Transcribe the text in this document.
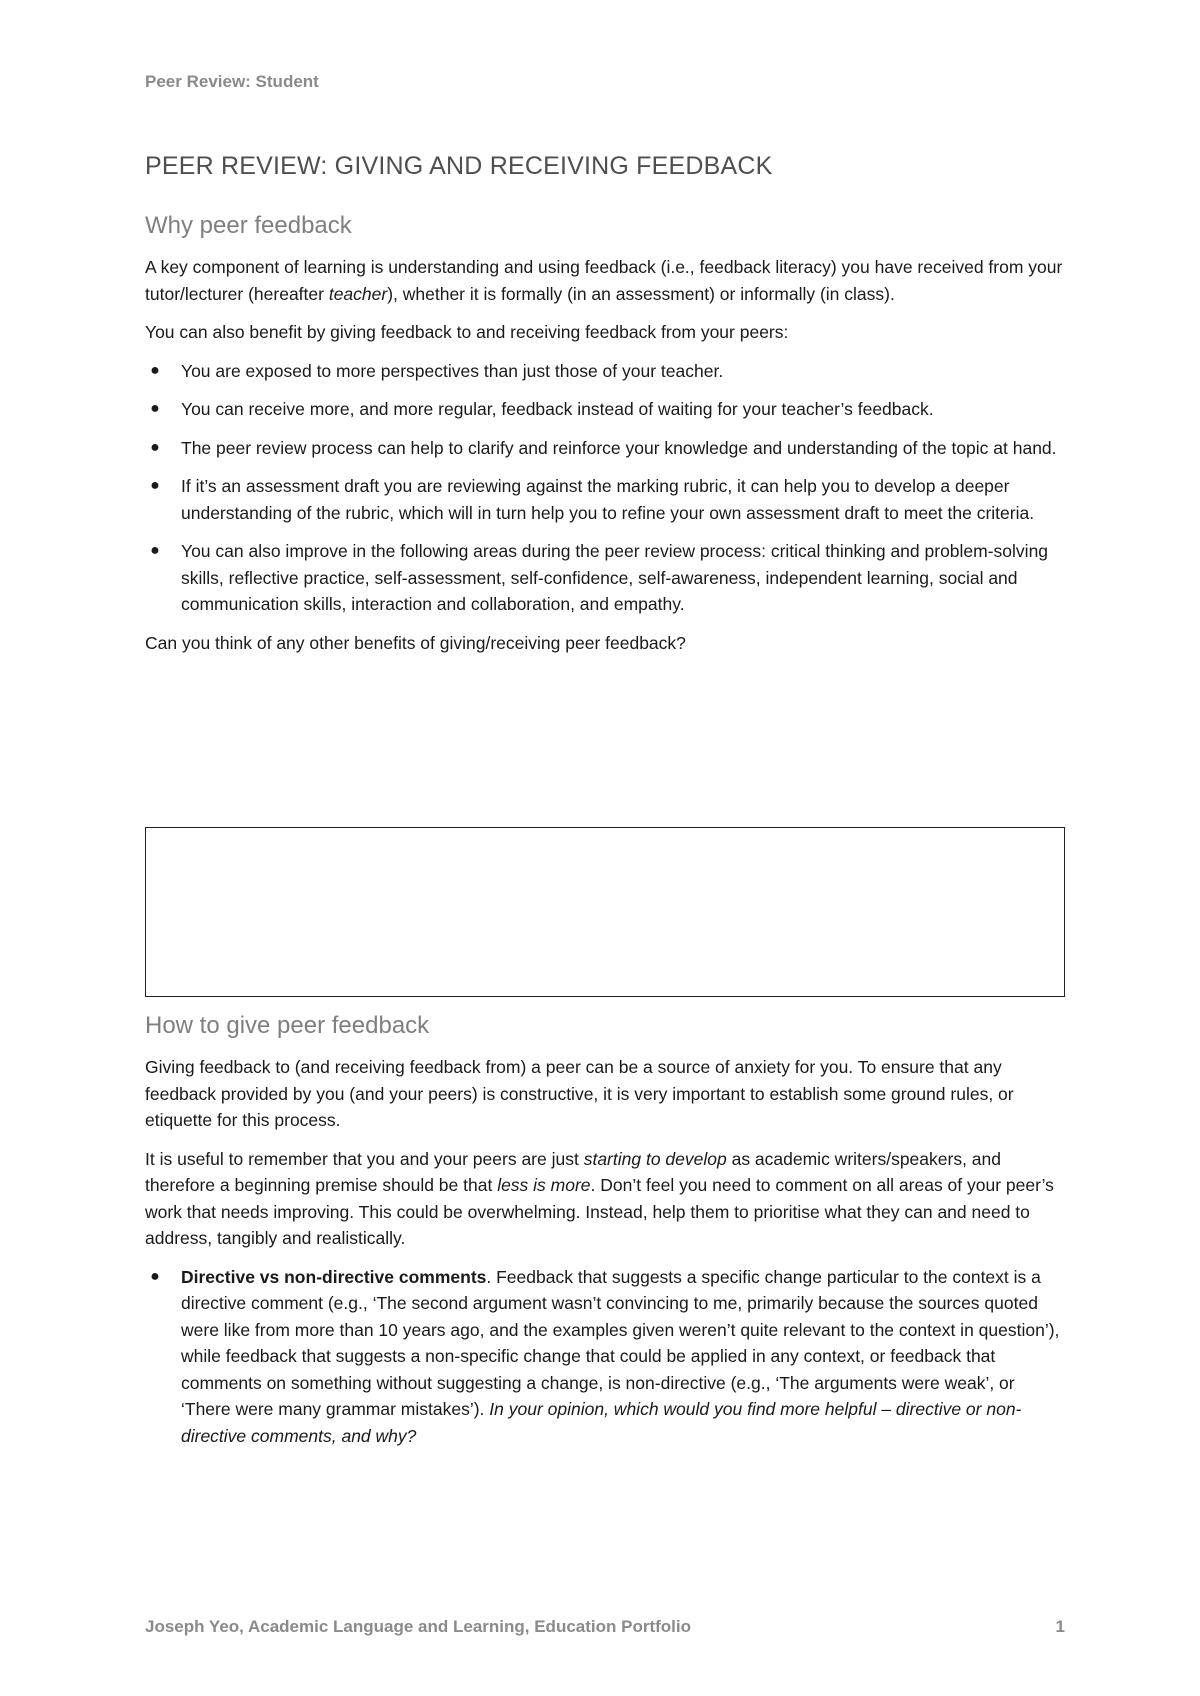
Peer Review: Student
PEER REVIEW: GIVING AND RECEIVING FEEDBACK
Why peer feedback

A key component of learning is understanding and using feedback (i.e., feedback literacy) you have received from your tutor/lecturer (hereafter teacher), whether it is formally (in an assessment) or informally (in class).

You can also benefit by giving feedback to and receiving feedback from your peers:

● You are exposed to more perspectives than just those of your teacher.
● You can receive more, and more regular, feedback instead of waiting for your teacher’s feedback.
● The peer review process can help to clarify and reinforce your knowledge and understanding of the topic at hand.
● If it’s an assessment draft you are reviewing against the marking rubric, it can help you to develop a deeper understanding of the rubric, which will in turn help you to refine your own assessment draft to meet the criteria.
● You can also improve in the following areas during the peer review process: critical thinking and problem-solving skills, reflective practice, self-assessment, self-confidence, self-awareness, independent learning, social and communication skills, interaction and collaboration, and empathy.

Can you think of any other benefits of giving/receiving peer feedback?

How to give peer feedback

Giving feedback to (and receiving feedback from) a peer can be a source of anxiety for you. To ensure that any feedback provided by you (and your peers) is constructive, it is very important to establish some ground rules, or etiquette for this process.

It is useful to remember that you and your peers are just starting to develop as academic writers/speakers, and therefore a beginning premise should be that less is more. Don’t feel you need to comment on all areas of your peer’s work that needs improving. This could be overwhelming. Instead, help them to prioritise what they can and need to address, tangibly and realistically.

● Directive vs non-directive comments. Feedback that suggests a specific change particular to the context is a directive comment (e.g., ‘The second argument wasn’t convincing to me, primarily because the sources quoted were like from more than 10 years ago, and the examples given weren’t quite relevant to the context in question’), while feedback that suggests a non-specific change that could be applied in any context, or feedback that comments on something without suggesting a change, is non-directive (e.g., ‘The arguments were weak’, or ‘There were many grammar mistakes’). In your opinion, which would you find more helpful – directive or non-directive comments, and why?
Joseph Yeo, Academic Language and Learning, Education Portfolio	1
